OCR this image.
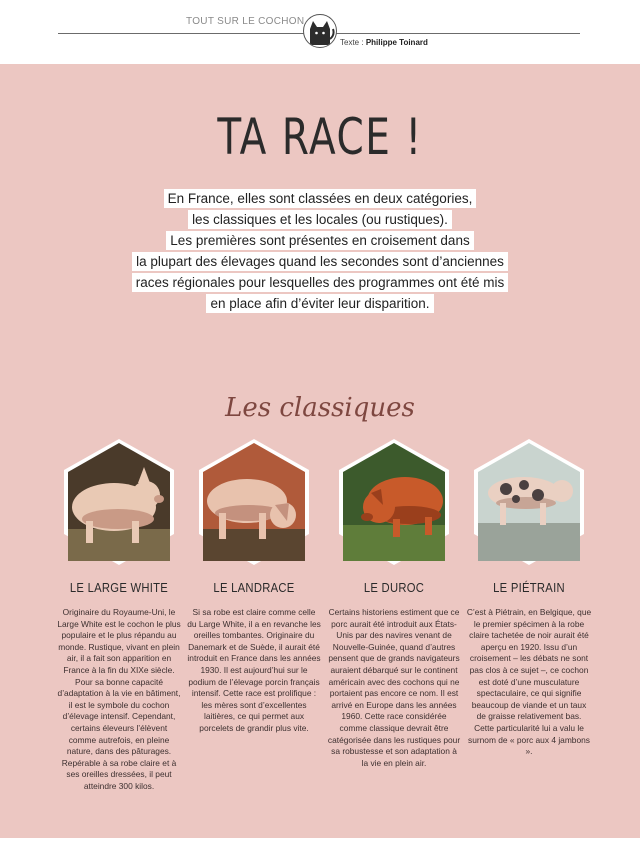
TOUT SUR LE COCHON
Texte : Philippe Toinard
TA RACE !
En France, elles sont classées en deux catégories,
les classiques et les locales (ou rustiques).
Les premières sont présentes en croisement dans
la plupart des élevages quand les secondes sont d’anciennes
races régionales pour lesquelles des programmes ont été mis
en place afin d’éviter leur disparition.
Les classiques
LE LARGE WHITE
Originaire du Royaume-Uni, le Large White est le cochon le plus populaire et le plus répandu au monde. Rustique, vivant en plein air, il a fait son apparition en France à la fin du XIXe siècle. Pour sa bonne capacité d’adaptation à la vie en bâtiment, il est le symbole du cochon d’élevage intensif. Cependant, certains éleveurs l’élèvent comme autrefois, en pleine nature, dans des pâturages. Repérable à sa robe claire et à ses oreilles dressées, il peut atteindre 300 kilos.
LE LANDRACE
Si sa robe est claire comme celle du Large White, il a en revanche les oreilles tombantes. Originaire du Danemark et de Suède, il aurait été introduit en France dans les années 1930. Il est aujourd’hui sur le podium de l’élevage porcin français intensif. Cette race est prolifique : les mères sont d’excellentes laitières, ce qui permet aux porcelets de grandir plus vite.
LE DUROC
Certains historiens estiment que ce porc aurait été introduit aux États-Unis par des navires venant de Nouvelle-Guinée, quand d’autres pensent que de grands navigateurs auraient débarqué sur le continent américain avec des cochons qui ne portaient pas encore ce nom. Il est arrivé en Europe dans les années 1960. Cette race considérée comme classique devrait être catégorisée dans les rustiques pour sa robustesse et son adaptation à la vie en plein air.
LE PIÉTRAIN
C’est à Piétrain, en Belgique, que le premier spécimen à la robe claire tachetée de noir aurait été aperçu en 1920. Issu d’un croisement – les débats ne sont pas clos à ce sujet –, ce cochon est doté d’une musculature spectaculaire, ce qui signifie beaucoup de viande et un taux de graisse relativement bas. Cette particularité lui a valu le surnom de « porc aux 4 jambons ».
